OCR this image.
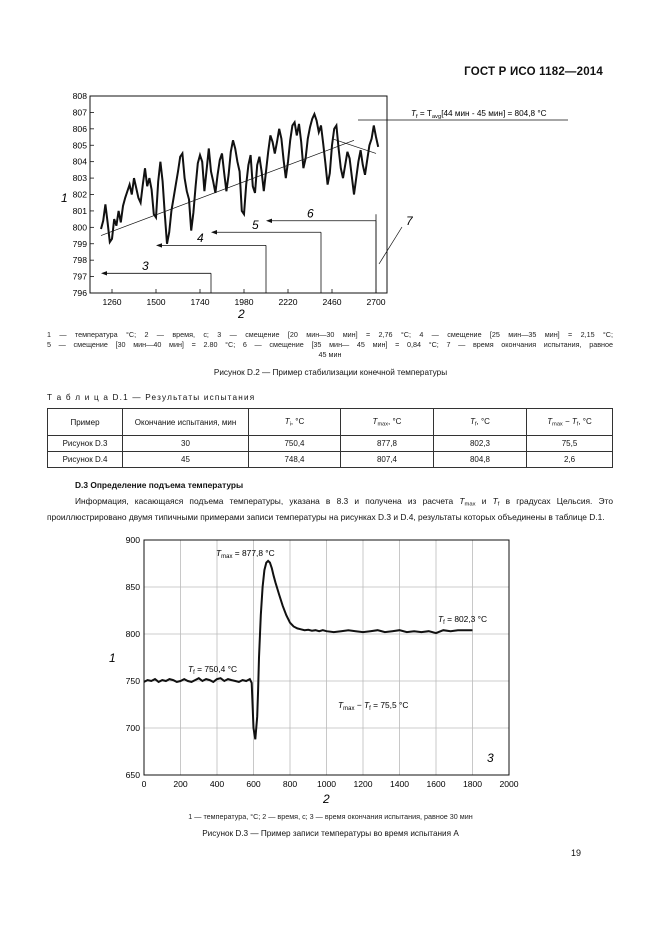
ГОСТ Р ИСО 1182—2014
796
797
798
799
800
801
802
803
804
805
806
807
808
1260	1500	1740	1980	2220	2460	2700
3
4
5
6
$T_f = T_{avg}[44$ мин - 45 мин] = 804,8 °C
7
1
2
1 — температура °C; 2 — время, с; 3 — смещение [20 мин—30 мин] = 2,76 °C; 4 — смещение [25 мин—35 мин] = 2,15 °C;
5 — смещение [30 мин—40 мин] = 2.80 °C; 6 — смещение [35 мин— 45 мин] = 0,84 °C; 7 — время окончания испытания, равное
45 мин
Рисунок D.2 — Пример стабилизации конечной температуры
Т а б л и ц а D.1 — Результаты испытания
Пример	Окончание испытания, мин	$T_i$, °C	$T_{max}$, °C	$T_f$, °C	$T_{max} - T_f$, °C
Рисунок D.3	30	750,4	877,8	802,3	75,5
Рисунок D.4	45	748,4	807,4	804,8	2,6
D.3 Определение подъема температуры
Информация, касающаяся подъема температуры, указана в 8.3 и получена из расчета $T_{max}$ и $T_f$ в градусах Цельсия. Это проиллюстрировано двумя типичными примерами записи температуры на рисунках D.3 и D.4, результаты которых объединены в таблице D.1.
650
700
750
800
850
900
0	200	400	600	800 1000 1200 1400 1600 1800 2000
$T_{max} = 877,8$ °C
$T_f = 802,3$ °C
$T_f = 750,4$ °C
$T_{max} - T_f = 75,5$ °C
1
2
3
1 — температура, °C; 2 — время, с; 3 — время окончания испытания, равное 30 мин
Рисунок D.3 — Пример записи температуры во время испытания А
19
